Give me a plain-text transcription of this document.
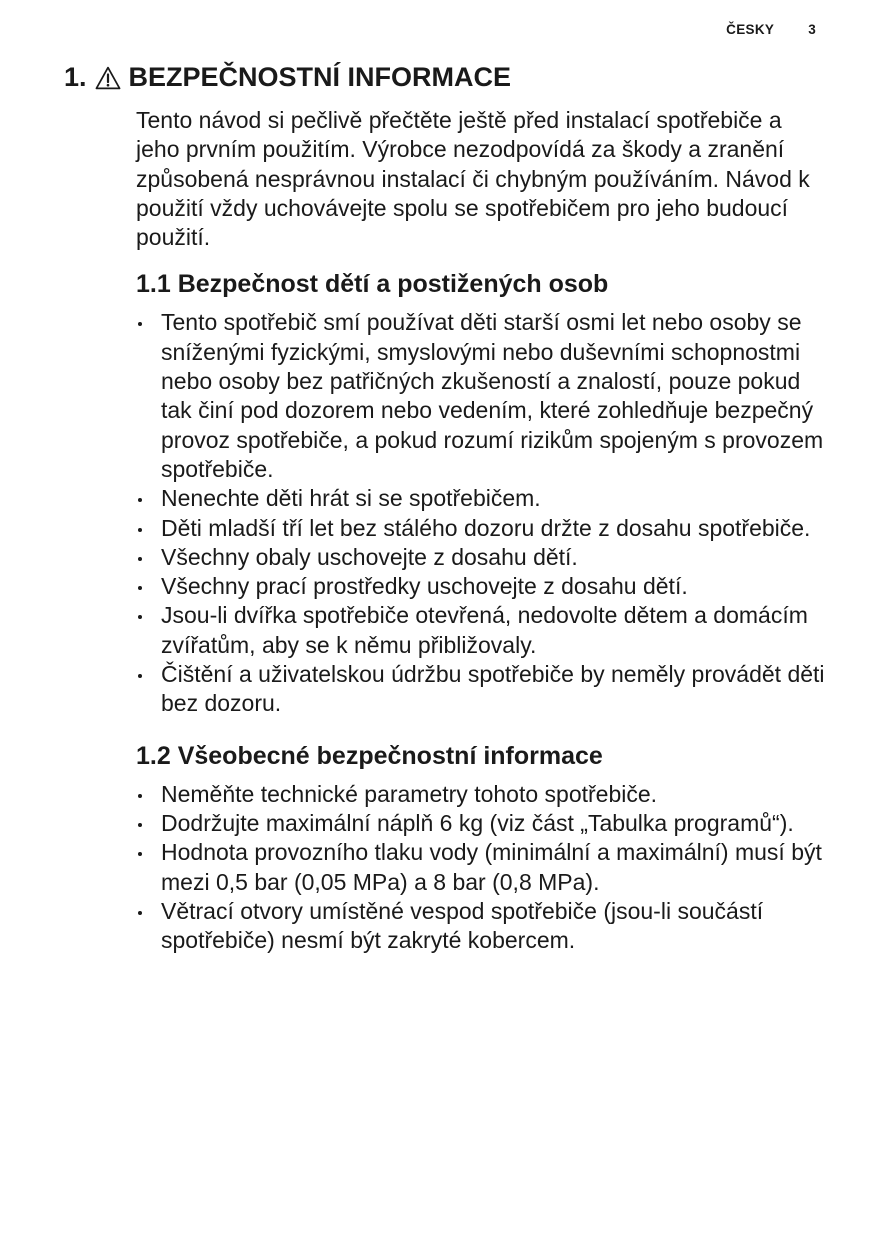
ČESKY	3
1. BEZPEČNOSTNÍ INFORMACE

Tento návod si pečlivě přečtěte ještě před instalací spotřebiče a jeho prvním použitím. Výrobce nezodpovídá za škody a zranění způsobená nesprávnou instalací či chybným používáním. Návod k použití vždy uchovávejte spolu se spotřebičem pro jeho budoucí použití.

1.1 Bezpečnost dětí a postižených osob
Tento spotřebič smí používat děti starší osmi let nebo osoby se sníženými fyzickými, smyslovými nebo duševními schopnostmi nebo osoby bez patřičných zkušeností a znalostí, pouze pokud tak činí pod dozorem nebo vedením, které zohledňuje bezpečný provoz spotřebiče, a pokud rozumí rizikům spojeným s provozem spotřebiče.
Nenechte děti hrát si se spotřebičem.
Děti mladší tří let bez stálého dozoru držte z dosahu spotřebiče.
Všechny obaly uschovejte z dosahu dětí.
Všechny prací prostředky uschovejte z dosahu dětí.
Jsou-li dvířka spotřebiče otevřená, nedovolte dětem a domácím zvířatům, aby se k němu přibližovaly.
Čištění a uživatelskou údržbu spotřebiče by neměly provádět děti bez dozoru.
1.2 Všeobecné bezpečnostní informace
Neměňte technické parametry tohoto spotřebiče.
Dodržujte maximální náplň 6 kg (viz část „Tabulka programů“).
Hodnota provozního tlaku vody (minimální a maximální) musí být mezi 0,5 bar (0,05 MPa) a 8 bar (0,8 MPa).
Větrací otvory umístěné vespod spotřebiče (jsou-li součástí spotřebiče) nesmí být zakryté kobercem.
